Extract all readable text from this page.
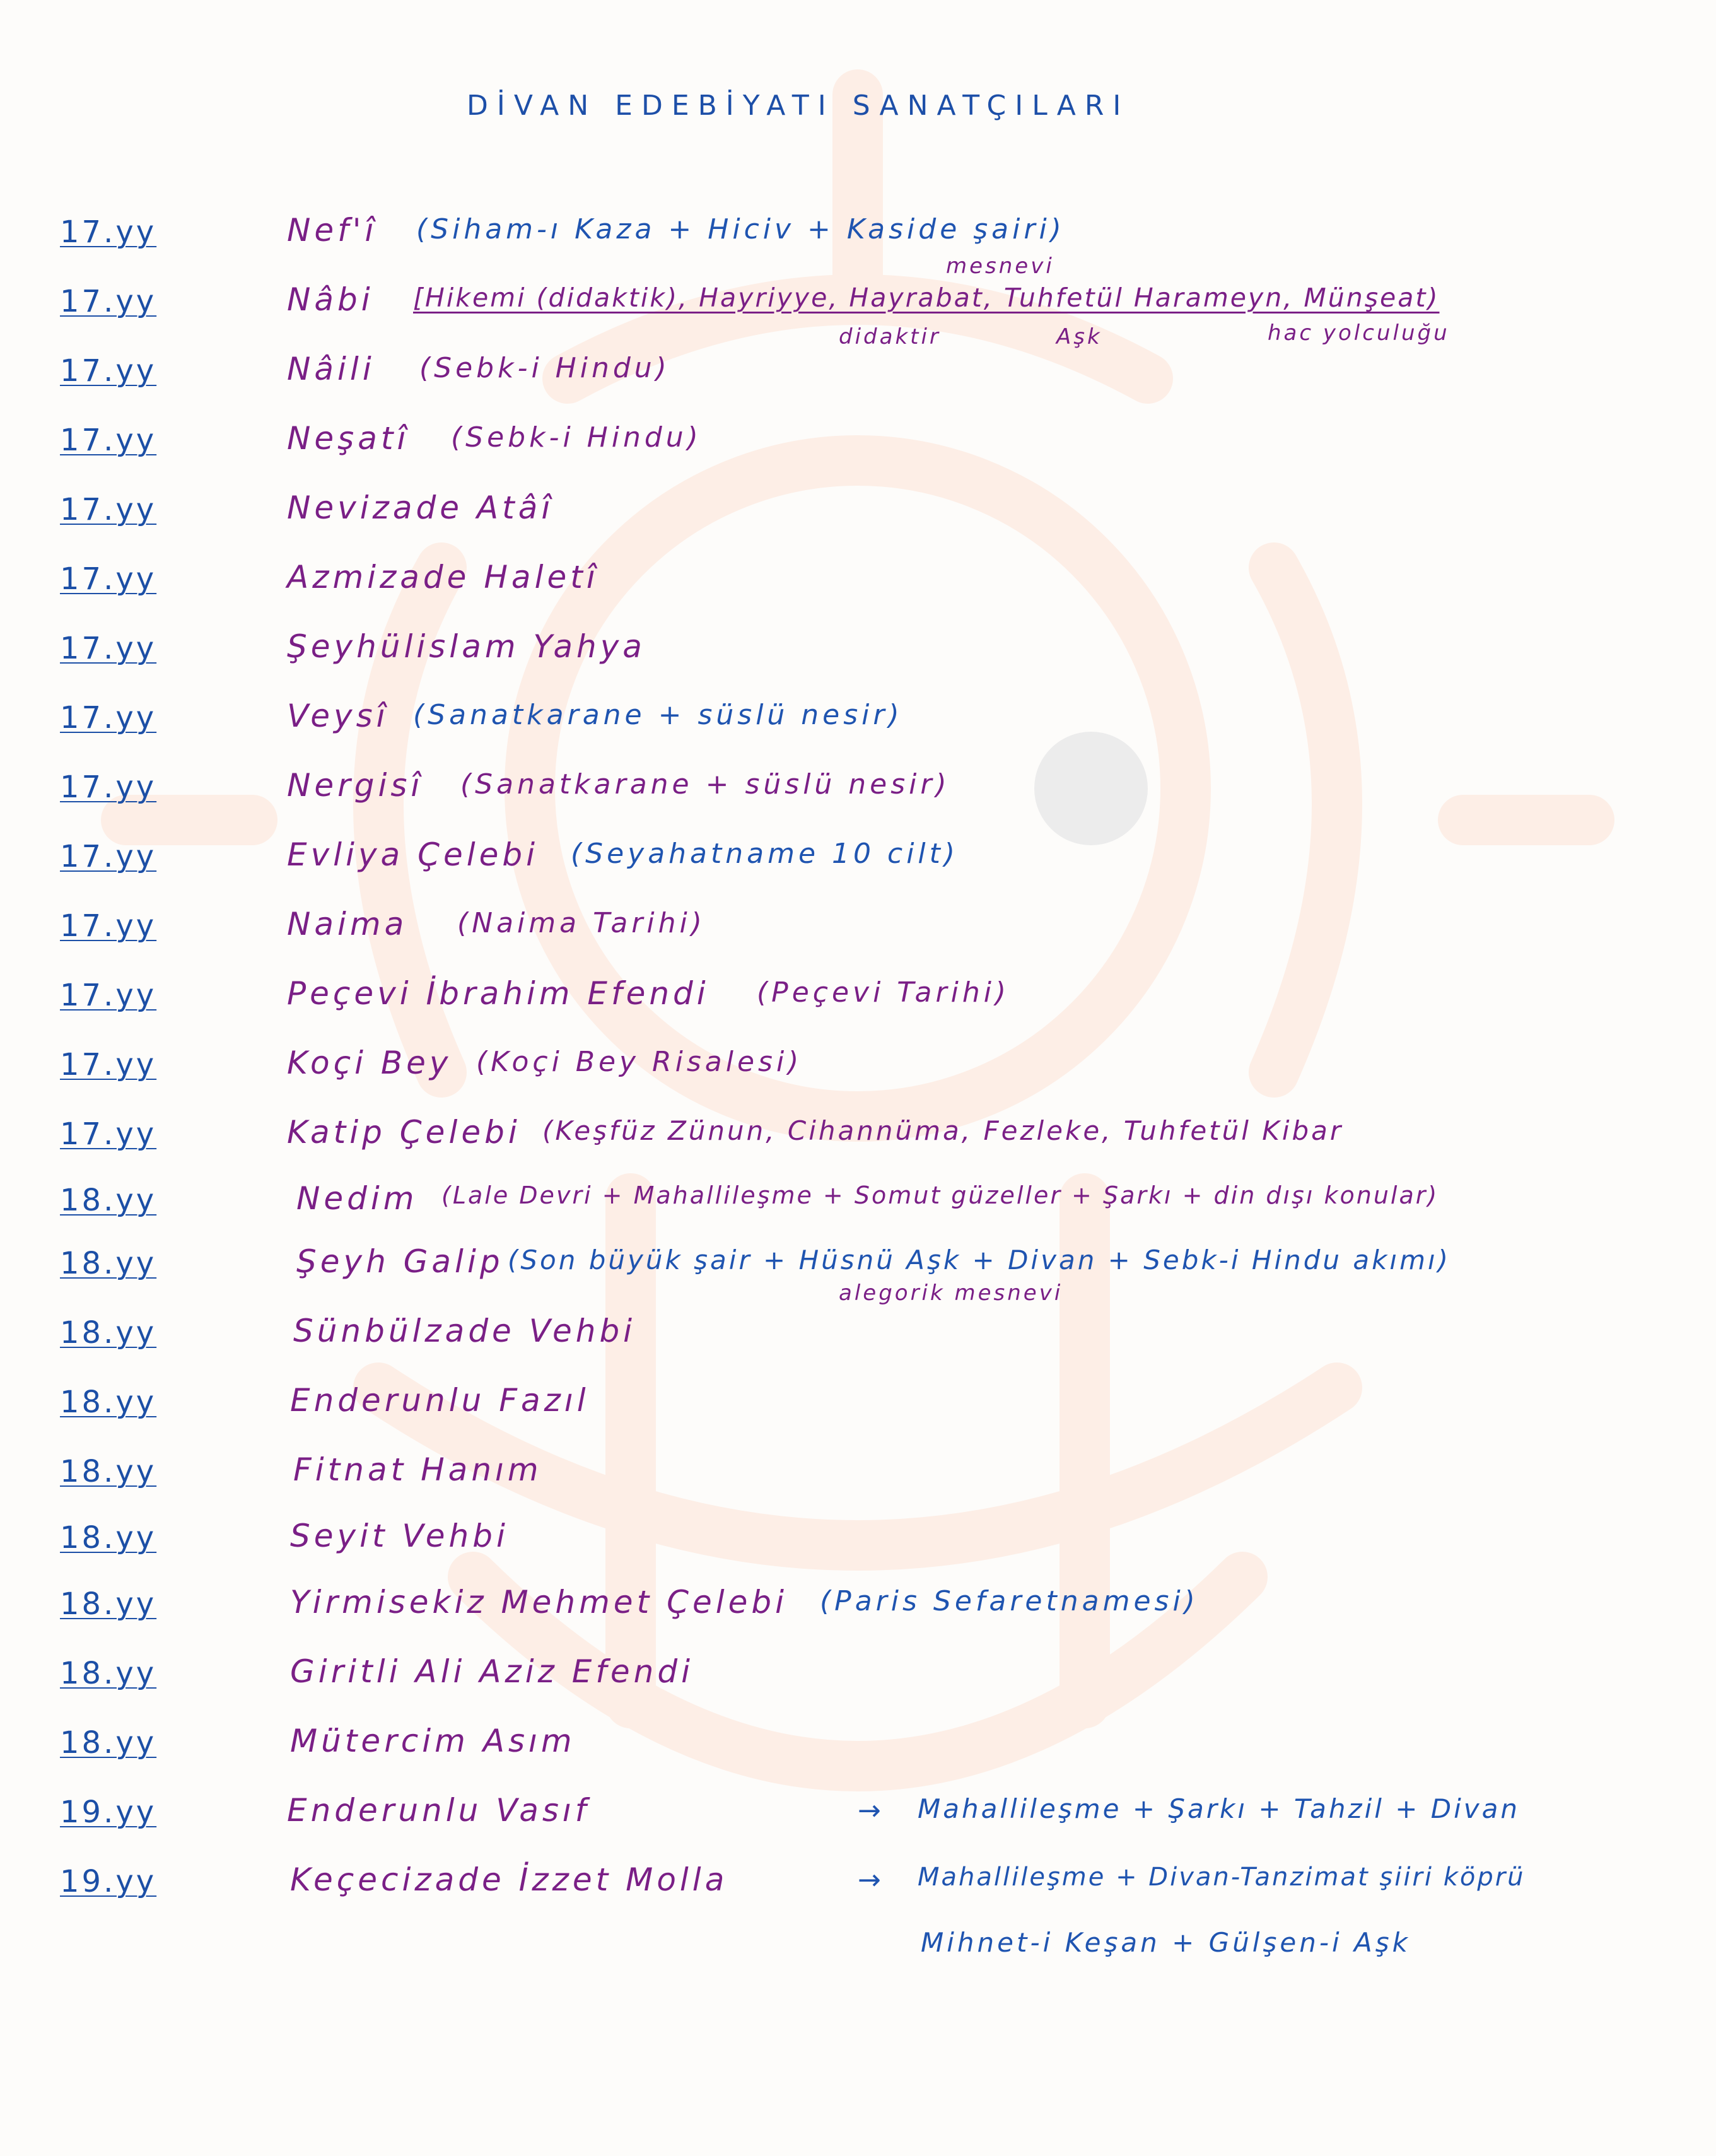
DİVAN EDEBİYATI SANATÇILARI
17.yy	Nef'î (Siham-ı Kaza + Hiciv + Kaside şairi)
17.yy	Nâbi [Hikemi (didaktik), Hayriyye, Hayrabat, Tuhfetül Harameyn, Münşeat)
mesnevi
didaktir	Aşk	hac yolculuğu
17.yy	Nâili (Sebk-i Hindu)
17.yy	Neşatî (Sebk-i Hindu)
17.yy	Nevizade Atâî
17.yy	Azmizade Haletî
17.yy	Şeyhülislam Yahya
17.yy	Veysî (Sanatkarane + süslü nesir)
17.yy	Nergisî (Sanatkarane + süslü nesir)
17.yy	Evliya Çelebi (Seyahatname 10 cilt)
17.yy	Naima (Naima Tarihi)
17.yy	Peçevi İbrahim Efendi (Peçevi Tarihi)
17.yy	Koçi Bey (Koçi Bey Risalesi)
17.yy	Katip Çelebi (Keşfüz Zünun, Cihannüma, Fezleke, Tuhfetül Kibar
18.yy	Nedim (Lale Devri + Mahallileşme + Somut güzeller + Şarkı + din dışı konular)
18.yy	Şeyh Galip (Son büyük şair + Hüsnü Aşk + Divan + Sebk-i Hindu akımı)
alegorik mesnevi
18.yy	Sünbülzade Vehbi
18.yy	Enderunlu Fazıl
18.yy	Fitnat Hanım
18.yy	Seyit Vehbi
18.yy	Yirmisekiz Mehmet Çelebi (Paris Sefaretnamesi)
18.yy	Giritli Ali Aziz Efendi
18.yy	Mütercim Asım
19.yy	Enderunlu Vasıf	→ Mahallileşme + Şarkı + Tahzil + Divan
19.yy	Keçecizade İzzet Molla	→ Mahallileşme + Divan-Tanzimat şiiri köprü
Mihnet-i Keşan + Gülşen-i Aşk
